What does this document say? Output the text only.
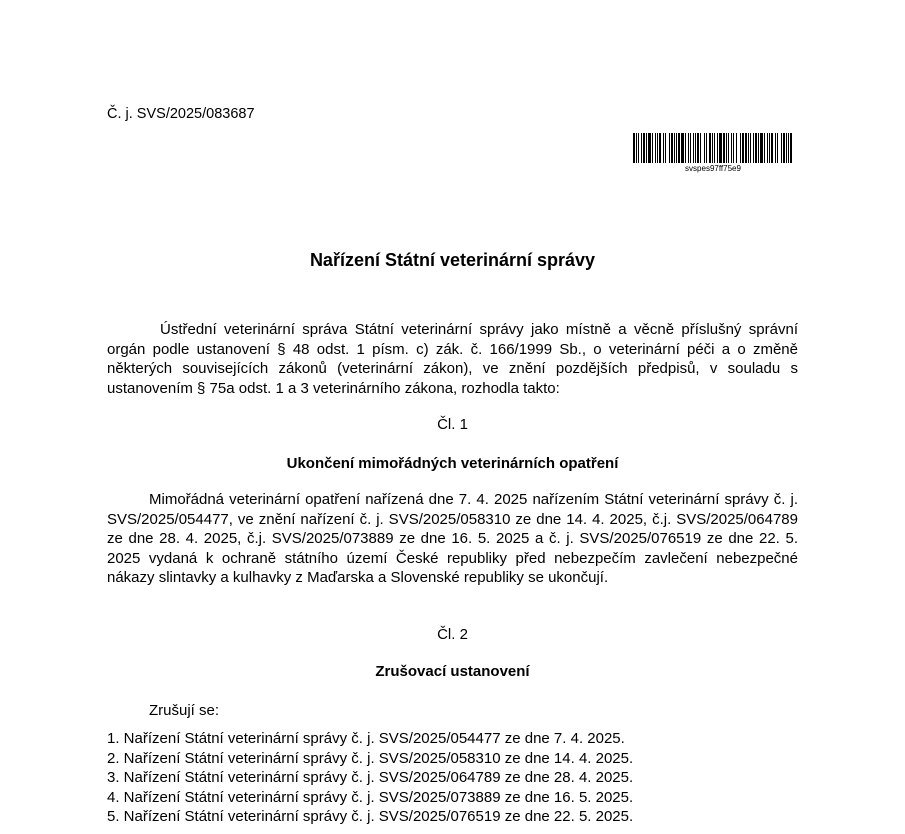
Č. j. SVS/2025/083687
svspes97ff75e9
Nařízení Státní veterinární správy

Ústřední veterinární správa Státní veterinární správy jako místně a věcně příslušný správní orgán podle ustanovení § 48 odst. 1 písm. c) zák. č. 166/1999 Sb., o veterinární péči a o změně některých souvisejících zákonů (veterinární zákon), ve znění pozdějších předpisů, v souladu s ustanovením § 75a odst. 1 a 3 veterinárního zákona, rozhodla takto:

Čl. 1
Ukončení mimořádných veterinárních opatření

Mimořádná veterinární opatření nařízená dne 7. 4. 2025 nařízením Státní veterinární správy č. j. SVS/2025/054477, ve znění nařízení č. j. SVS/2025/058310 ze dne 14. 4. 2025, č.j. SVS/2025/064789 ze dne 28. 4. 2025, č.j. SVS/2025/073889 ze dne 16. 5. 2025 a č. j. SVS/2025/076519 ze dne 22. 5. 2025 vydaná k ochraně státního území České republiky před nebezpečím zavlečení nebezpečné nákazy slintavky a kulhavky z Maďarska a Slovenské republiky se ukončují.

Čl. 2
Zrušovací ustanovení
Zrušují se:
1. Nařízení Státní veterinární správy č. j. SVS/2025/054477 ze dne 7. 4. 2025.
2. Nařízení Státní veterinární správy č. j. SVS/2025/058310 ze dne 14. 4. 2025.
3. Nařízení Státní veterinární správy č. j. SVS/2025/064789 ze dne 28. 4. 2025.
4. Nařízení Státní veterinární správy č. j. SVS/2025/073889 ze dne 16. 5. 2025.
5. Nařízení Státní veterinární správy č. j. SVS/2025/076519 ze dne 22. 5. 2025.
